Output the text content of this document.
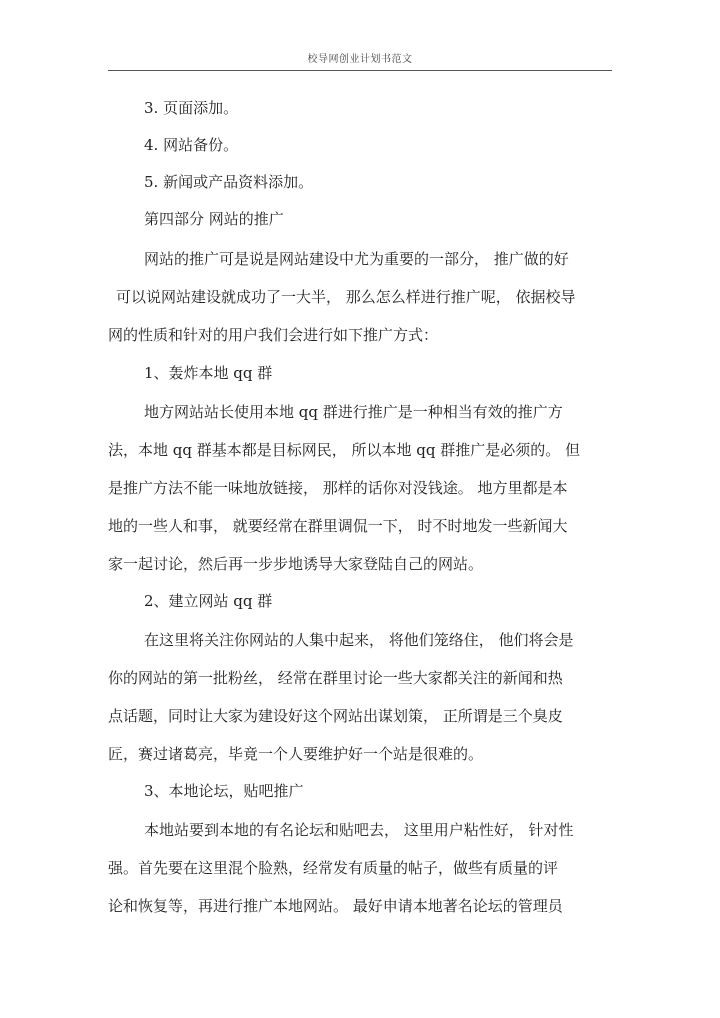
校导网创业计划书范文
3. 页面添加。
4. 网站备份。
5. 新闻或产品资料添加。
第四部分 网站的推广
网站的推广可是说是网站建设中尤为重要的一部分， 推广做的好
可以说网站建设就成功了一大半， 那么怎么样进行推广呢， 依据校导
网的性质和针对的用户我们会进行如下推广方式：
1、轰炸本地 qq 群
地方网站站长使用本地 qq 群进行推广是一种相当有效的推广方
法，本地 qq 群基本都是目标网民， 所以本地 qq 群推广是必须的。 但
是推广方法不能一味地放链接， 那样的话你对没钱途。 地方里都是本
地的一些人和事， 就要经常在群里调侃一下， 时不时地发一些新闻大
家一起讨论，然后再一步步地诱导大家登陆自己的网站。
2、建立网站 qq 群
在这里将关注你网站的人集中起来， 将他们笼络住， 他们将会是
你的网站的第一批粉丝， 经常在群里讨论一些大家都关注的新闻和热
点话题，同时让大家为建设好这个网站出谋划策， 正所谓是三个臭皮
匠，赛过诸葛亮，毕竟一个人要维护好一个站是很难的。
3、本地论坛，贴吧推广
本地站要到本地的有名论坛和贴吧去， 这里用户粘性好， 针对性
强。首先要在这里混个脸熟，经常发有质量的帖子，做些有质量的评
论和恢复等，再进行推广本地网站。 最好申请本地著名论坛的管理员
